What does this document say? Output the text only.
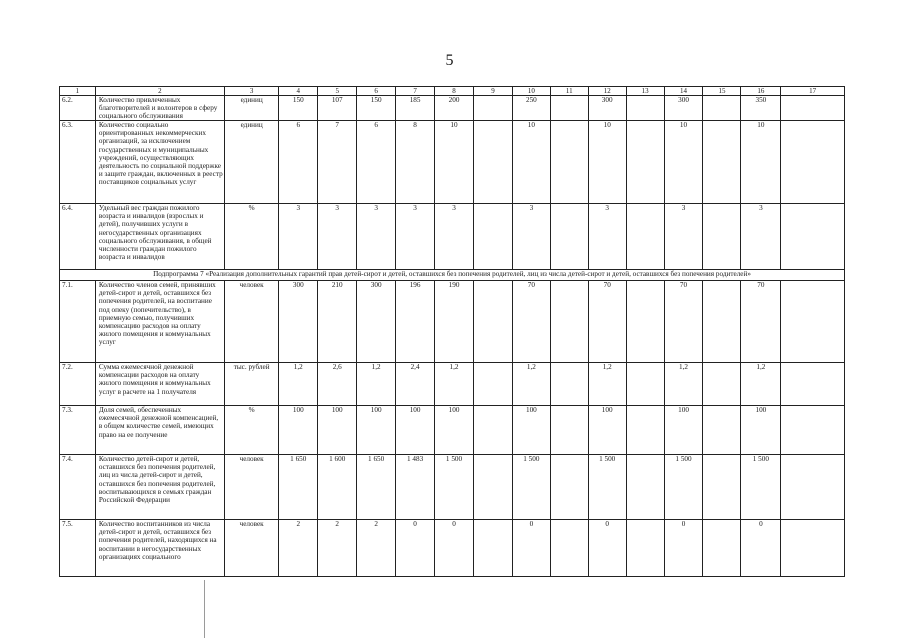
5
1	2	3	4	5	6	7	8	9	10	11	12	13	14	15	16	17
6.2.	Количество привлеченных благотворителей и волонтеров в сферу социального обслуживания	единиц	150	107	150	185	200		250		300		300		350	
6.3.	Количество социально ориентированных некоммерческих организаций, за исключением государственных и муниципальных учреждений, осуществляющих деятельность по социальной поддержке и защите граждан, включенных в реестр поставщиков социальных услуг	единиц	6	7	6	8	10		10		10		10		10	
6.4.	Удельный вес граждан пожилого возраста и инвалидов (взрослых и детей), получивших услуги в негосударственных организациях социального обслуживания, в общей численности граждан пожилого возраста и инвалидов	%	3	3	3	3	3		3		3		3		3	
Подпрограмма 7 «Реализация дополнительных гарантий прав детей-сирот и детей, оставшихся без попечения родителей, лиц из числа детей-сирот и детей, оставшихся без попечения родителей»																
7.1.	Количество членов семей, принявших детей-сирот и детей, оставшихся без попечения родителей, на воспитание под опеку (попечительство), в приемную семью, получивших компенсацию расходов на оплату жилого помещения и коммунальных услуг	человек	300	210	300	196	190		70		70		70		70	
7.2.	Сумма ежемесячной денежной компенсации расходов на оплату жилого помещения и коммунальных услуг в расчете на 1 получателя	тыс. рублей	1,2	2,6	1,2	2,4	1,2		1,2		1,2		1,2		1,2	
7.3.	Доля семей, обеспеченных ежемесячной денежной компенсацией, в общем количестве семей, имеющих право на ее получение	%	100	100	100	100	100		100		100		100		100	
7.4.	Количество детей-сирот и детей, оставшихся без попечения родителей, лиц из числа детей-сирот и детей, оставшихся без попечения родителей, воспитывающихся в семьях граждан Российской Федерации	человек	1 650	1 600	1 650	1 483	1 500		1 500		1 500		1 500		1 500	
7.5.	Количество воспитанников из числа детей-сирот и детей, оставшихся без попечения родителей, находящихся на воспитании в негосударственных организациях социального	человек	2	2	2	0	0		0		0		0		0	
